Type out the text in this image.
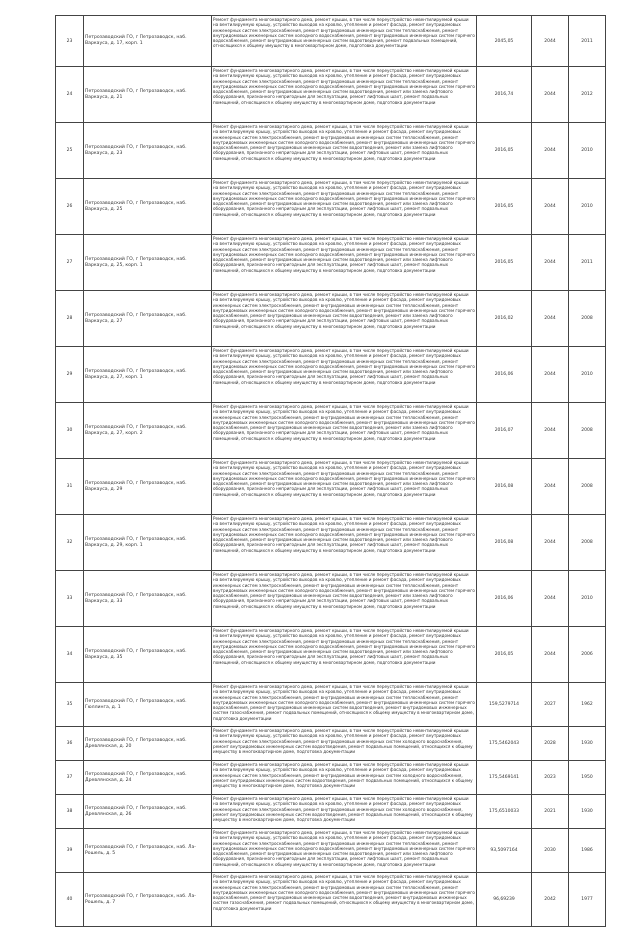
23	Петрозаводский ГО, г Петрозаводск, наб. Варкауса, д. 17, корп. 1	Ремонт фундамента многоквартирного дома, ремонт крыши, в том числе переустройство невентилируемой крыши на вентилируемую крышу, устройство выходов на кровлю, утепление и ремонт фасада, ремонт внутридомовых инженерных систем электроснабжения, ремонт внутридомовых инженерных систем теплоснабжения, ремонт внутридомовых инженерных систем холодного водоснабжения, ремонт внутридомовых инженерных систем горячего водоснабжения, ремонт внутридомовых инженерных систем водоотведения, ремонт подвальных помещений, относящихся к общему имуществу в многоквартирном доме, подготовка документации	2045,05	2044	2011
24	Петрозаводский ГО, г Петрозаводск, наб. Варкауса, д. 21	Ремонт фундамента многоквартирного дома, ремонт крыши, в том числе переустройство невентилируемой крыши на вентилируемую крышу, устройство выходов на кровлю, утепление и ремонт фасада, ремонт внутридомовых инженерных систем электроснабжения, ремонт внутридомовых инженерных систем теплоснабжения, ремонт внутридомовых инженерных систем холодного водоснабжения, ремонт внутридомовых инженерных систем горячего водоснабжения, ремонт внутридомовых инженерных систем водоотведения, ремонт или замена лифтового оборудования, признанного непригодным для эксплуатации, ремонт лифтовых шахт, ремонт подвальных помещений, относящихся к общему имуществу в многоквартирном доме, подготовка документации	2016,74	2044	2012
25	Петрозаводский ГО, г Петрозаводск, наб. Варкауса, д. 23	Ремонт фундамента многоквартирного дома, ремонт крыши, в том числе переустройство невентилируемой крыши на вентилируемую крышу, устройство выходов на кровлю, утепление и ремонт фасада, ремонт внутридомовых инженерных систем электроснабжения, ремонт внутридомовых инженерных систем теплоснабжения, ремонт внутридомовых инженерных систем холодного водоснабжения, ремонт внутридомовых инженерных систем горячего водоснабжения, ремонт внутридомовых инженерных систем водоотведения, ремонт или замена лифтового оборудования, признанного непригодным для эксплуатации, ремонт лифтовых шахт, ремонт подвальных помещений, относящихся к общему имуществу в многоквартирном доме, подготовка документации	2016,05	2044	2010
26	Петрозаводский ГО, г Петрозаводск, наб. Варкауса, д. 25	Ремонт фундамента многоквартирного дома, ремонт крыши, в том числе переустройство невентилируемой крыши на вентилируемую крышу, устройство выходов на кровлю, утепление и ремонт фасада, ремонт внутридомовых инженерных систем электроснабжения, ремонт внутридомовых инженерных систем теплоснабжения, ремонт внутридомовых инженерных систем холодного водоснабжения, ремонт внутридомовых инженерных систем горячего водоснабжения, ремонт внутридомовых инженерных систем водоотведения, ремонт или замена лифтового оборудования, признанного непригодным для эксплуатации, ремонт лифтовых шахт, ремонт подвальных помещений, относящихся к общему имуществу в многоквартирном доме, подготовка документации	2016,05	2044	2010
27	Петрозаводский ГО, г Петрозаводск, наб. Варкауса, д. 25, корп. 1	Ремонт фундамента многоквартирного дома, ремонт крыши, в том числе переустройство невентилируемой крыши на вентилируемую крышу, устройство выходов на кровлю, утепление и ремонт фасада, ремонт внутридомовых инженерных систем электроснабжения, ремонт внутридомовых инженерных систем теплоснабжения, ремонт внутридомовых инженерных систем холодного водоснабжения, ремонт внутридомовых инженерных систем горячего водоснабжения, ремонт внутридомовых инженерных систем водоотведения, ремонт или замена лифтового оборудования, признанного непригодным для эксплуатации, ремонт лифтовых шахт, ремонт подвальных помещений, относящихся к общему имуществу в многоквартирном доме, подготовка документации	2016,05	2044	2011
28	Петрозаводский ГО, г Петрозаводск, наб. Варкауса, д. 27	Ремонт фундамента многоквартирного дома, ремонт крыши, в том числе переустройство невентилируемой крыши на вентилируемую крышу, устройство выходов на кровлю, утепление и ремонт фасада, ремонт внутридомовых инженерных систем электроснабжения, ремонт внутридомовых инженерных систем теплоснабжения, ремонт внутридомовых инженерных систем холодного водоснабжения, ремонт внутридомовых инженерных систем горячего водоснабжения, ремонт внутридомовых инженерных систем водоотведения, ремонт или замена лифтового оборудования, признанного непригодным для эксплуатации, ремонт лифтовых шахт, ремонт подвальных помещений, относящихся к общему имуществу в многоквартирном доме, подготовка документации	2016,02	2044	2008
29	Петрозаводский ГО, г Петрозаводск, наб. Варкауса, д. 27, корп. 1	Ремонт фундамента многоквартирного дома, ремонт крыши, в том числе переустройство невентилируемой крыши на вентилируемую крышу, устройство выходов на кровлю, утепление и ремонт фасада, ремонт внутридомовых инженерных систем электроснабжения, ремонт внутридомовых инженерных систем теплоснабжения, ремонт внутридомовых инженерных систем холодного водоснабжения, ремонт внутридомовых инженерных систем горячего водоснабжения, ремонт внутридомовых инженерных систем водоотведения, ремонт или замена лифтового оборудования, признанного непригодным для эксплуатации, ремонт лифтовых шахт, ремонт подвальных помещений, относящихся к общему имуществу в многоквартирном доме, подготовка документации	2016,06	2044	2010
30	Петрозаводский ГО, г Петрозаводск, наб. Варкауса, д. 27, корп. 2	Ремонт фундамента многоквартирного дома, ремонт крыши, в том числе переустройство невентилируемой крыши на вентилируемую крышу, устройство выходов на кровлю, утепление и ремонт фасада, ремонт внутридомовых инженерных систем электроснабжения, ремонт внутридомовых инженерных систем теплоснабжения, ремонт внутридомовых инженерных систем холодного водоснабжения, ремонт внутридомовых инженерных систем горячего водоснабжения, ремонт внутридомовых инженерных систем водоотведения, ремонт или замена лифтового оборудования, признанного непригодным для эксплуатации, ремонт лифтовых шахт, ремонт подвальных помещений, относящихся к общему имуществу в многоквартирном доме, подготовка документации	2016,07	2044	2008
31	Петрозаводский ГО, г Петрозаводск, наб. Варкауса, д. 29	Ремонт фундамента многоквартирного дома, ремонт крыши, в том числе переустройство невентилируемой крыши на вентилируемую крышу, устройство выходов на кровлю, утепление и ремонт фасада, ремонт внутридомовых инженерных систем электроснабжения, ремонт внутридомовых инженерных систем теплоснабжения, ремонт внутридомовых инженерных систем холодного водоснабжения, ремонт внутридомовых инженерных систем горячего водоснабжения, ремонт внутридомовых инженерных систем водоотведения, ремонт или замена лифтового оборудования, признанного непригодным для эксплуатации, ремонт лифтовых шахт, ремонт подвальных помещений, относящихся к общему имуществу в многоквартирном доме, подготовка документации	2016,08	2044	2008
32	Петрозаводский ГО, г Петрозаводск, наб. Варкауса, д. 29, корп. 1	Ремонт фундамента многоквартирного дома, ремонт крыши, в том числе переустройство невентилируемой крыши на вентилируемую крышу, устройство выходов на кровлю, утепление и ремонт фасада, ремонт внутридомовых инженерных систем электроснабжения, ремонт внутридомовых инженерных систем теплоснабжения, ремонт внутридомовых инженерных систем холодного водоснабжения, ремонт внутридомовых инженерных систем горячего водоснабжения, ремонт внутридомовых инженерных систем водоотведения, ремонт или замена лифтового оборудования, признанного непригодным для эксплуатации, ремонт лифтовых шахт, ремонт подвальных помещений, относящихся к общему имуществу в многоквартирном доме, подготовка документации	2016,08	2044	2008
33	Петрозаводский ГО, г Петрозаводск, наб. Варкауса, д. 33	Ремонт фундамента многоквартирного дома, ремонт крыши, в том числе переустройство невентилируемой крыши на вентилируемую крышу, устройство выходов на кровлю, утепление и ремонт фасада, ремонт внутридомовых инженерных систем электроснабжения, ремонт внутридомовых инженерных систем теплоснабжения, ремонт внутридомовых инженерных систем холодного водоснабжения, ремонт внутридомовых инженерных систем горячего водоснабжения, ремонт внутридомовых инженерных систем водоотведения, ремонт или замена лифтового оборудования, признанного непригодным для эксплуатации, ремонт лифтовых шахт, ремонт подвальных помещений, относящихся к общему имуществу в многоквартирном доме, подготовка документации	2016,06	2044	2010
34	Петрозаводский ГО, г Петрозаводск, наб. Варкауса, д. 35	Ремонт фундамента многоквартирного дома, ремонт крыши, в том числе переустройство невентилируемой крыши на вентилируемую крышу, устройство выходов на кровлю, утепление и ремонт фасада, ремонт внутридомовых инженерных систем электроснабжения, ремонт внутридомовых инженерных систем теплоснабжения, ремонт внутридомовых инженерных систем холодного водоснабжения, ремонт внутридомовых инженерных систем горячего водоснабжения, ремонт внутридомовых инженерных систем водоотведения, ремонт или замена лифтового оборудования, признанного непригодным для эксплуатации, ремонт лифтовых шахт, ремонт подвальных помещений, относящихся к общему имуществу в многоквартирном доме, подготовка документации	2016,05	2044	2006
35	Петрозаводский ГО, г Петрозаводск, наб. Гюллинга, д. 1	Ремонт фундамента многоквартирного дома, ремонт крыши, в том числе переустройство невентилируемой крыши на вентилируемую крышу, устройство выходов на кровлю, утепление и ремонт фасада, ремонт внутридомовых инженерных систем электроснабжения, ремонт внутридомовых инженерных систем теплоснабжения, ремонт внутридомовых инженерных систем холодного водоснабжения, ремонт внутридомовых инженерных систем горячего водоснабжения, ремонт внутридомовых инженерных систем водоотведения, ремонт внутридомовых инженерных систем газоснабжения, ремонт подвальных помещений, относящихся к общему имуществу в многоквартирном доме, подготовка документации	159,5279714	2027	1962
36	Петрозаводский ГО, г Петрозаводск, наб. Древлянская, д. 20	Ремонт фундамента многоквартирного дома, ремонт крыши, в том числе переустройство невентилируемой крыши на вентилируемую крышу, устройство выходов на кровлю, утепление и ремонт фасада, ремонт внутридомовых инженерных систем электроснабжения, ремонт внутридомовых инженерных систем холодного водоснабжения, ремонт внутридомовых инженерных систем водоотведения, ремонт подвальных помещений, относящихся к общему имуществу в многоквартирном доме, подготовка документации	175,5462043	2028	1930
37	Петрозаводский ГО, г Петрозаводск, наб. Древлянская, д. 24	Ремонт фундамента многоквартирного дома, ремонт крыши, в том числе переустройство невентилируемой крыши на вентилируемую крышу, устройство выходов на кровлю, утепление и ремонт фасада, ремонт внутридомовых инженерных систем электроснабжения, ремонт внутридомовых инженерных систем холодного водоснабжения, ремонт внутридомовых инженерных систем водоотведения, ремонт подвальных помещений, относящихся к общему имуществу в многоквартирном доме, подготовка документации	175,5469141	2023	1950
38	Петрозаводский ГО, г Петрозаводск, наб. Древлянская, д. 26	Ремонт фундамента многоквартирного дома, ремонт крыши, в том числе переустройство невентилируемой крыши на вентилируемую крышу, устройство выходов на кровлю, утепление и ремонт фасада, ремонт внутридомовых инженерных систем электроснабжения, ремонт внутридомовых инженерных систем холодного водоснабжения, ремонт внутридомовых инженерных систем водоотведения, ремонт подвальных помещений, относящихся к общему имуществу в многоквартирном доме, подготовка документации	175,6510033	2021	1930
39	Петрозаводский ГО, г Петрозаводск, наб. Ла-Рошель, д. 5	Ремонт фундамента многоквартирного дома, ремонт крыши, в том числе переустройство невентилируемой крыши на вентилируемую крышу, устройство выходов на кровлю, утепление и ремонт фасада, ремонт внутридомовых инженерных систем электроснабжения, ремонт внутридомовых инженерных систем теплоснабжения, ремонт внутридомовых инженерных систем холодного водоснабжения, ремонт внутридомовых инженерных систем горячего водоснабжения, ремонт внутридомовых инженерных систем водоотведения, ремонт или замена лифтового оборудования, признанного непригодным для эксплуатации, ремонт лифтовых шахт, ремонт подвальных помещений, относящихся к общему имуществу в многоквартирном доме, подготовка документации	93,5097164	2030	1986
40	Петрозаводский ГО, г Петрозаводск, наб. Ла-Рошель, д. 7	Ремонт фундамента многоквартирного дома, ремонт крыши, в том числе переустройство невентилируемой крыши на вентилируемую крышу, устройство выходов на кровлю, утепление и ремонт фасада, ремонт внутридомовых инженерных систем электроснабжения, ремонт внутридомовых инженерных систем теплоснабжения, ремонт внутридомовых инженерных систем холодного водоснабжения, ремонт внутридомовых инженерных систем горячего водоснабжения, ремонт внутридомовых инженерных систем водоотведения, ремонт внутридомовых инженерных систем газоснабжения, ремонт подвальных помещений, относящихся к общему имуществу в многоквартирном доме, подготовка документации	96,69239	2042	1977
